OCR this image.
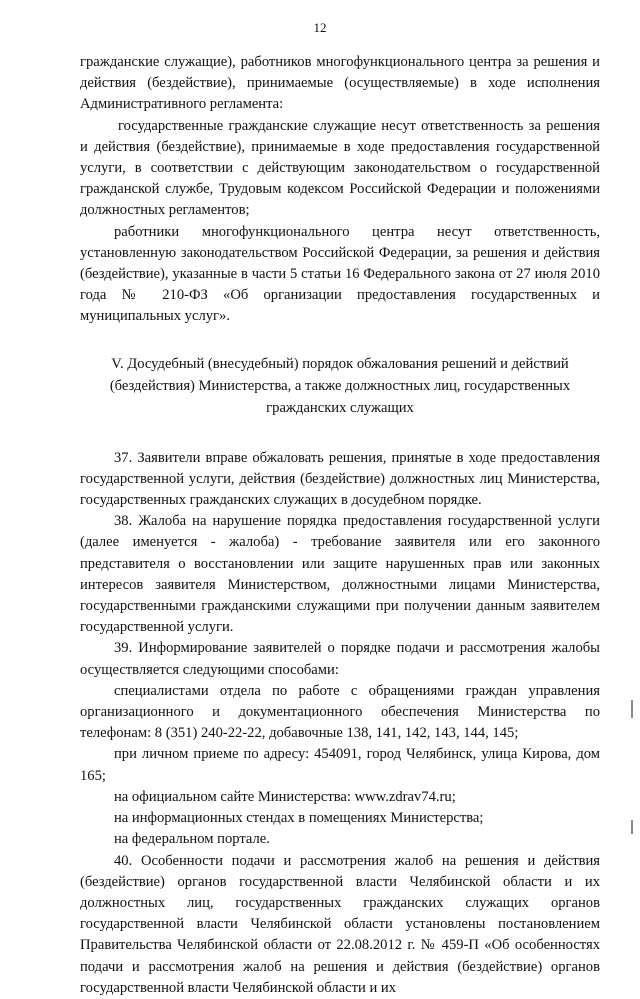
12

гражданские служащие), работников многофункционального центра за решения и действия (бездействие), принимаемые (осуществляемые) в ходе исполнения Административного регламента:

государственные гражданские служащие несут ответственность за решения и действия (бездействие), принимаемые в ходе предоставления государственной услуги, в соответствии с действующим законодательством о государственной гражданской службе, Трудовым кодексом Российской Федерации и положениями должностных регламентов;

работники многофункционального центра несут ответственность, установленную законодательством Российской Федерации, за решения и действия (бездействие), указанные в части 5 статьи 16 Федерального закона от 27 июля 2010 года № 210-ФЗ «Об организации предоставления государственных и муниципальных услуг».

V. Досудебный (внесудебный) порядок обжалования решений и действий (бездействия) Министерства, а также должностных лиц, государственных гражданских служащих

37. Заявители вправе обжаловать решения, принятые в ходе предоставления государственной услуги, действия (бездействие) должностных лиц Министерства, государственных гражданских служащих в досудебном порядке.

38. Жалоба на нарушение порядка предоставления государственной услуги (далее именуется - жалоба) - требование заявителя или его законного представителя о восстановлении или защите нарушенных прав или законных интересов заявителя Министерством, должностными лицами Министерства, государственными гражданскими служащими при получении данным заявителем государственной услуги.

39. Информирование заявителей о порядке подачи и рассмотрения жалобы осуществляется следующими способами:

специалистами отдела по работе с обращениями граждан управления организационного и документационного обеспечения Министерства по телефонам: 8 (351) 240-22-22, добавочные 138, 141, 142, 143, 144, 145;

при личном приеме по адресу: 454091, город Челябинск, улица Кирова, дом 165;

на официальном сайте Министерства: www.zdrav74.ru;

на информационных стендах в помещениях Министерства;

на федеральном портале.

40. Особенности подачи и рассмотрения жалоб на решения и действия (бездействие) органов государственной власти Челябинской области и их должностных лиц, государственных гражданских служащих органов государственной власти Челябинской области установлены постановлением Правительства Челябинской области от 22.08.2012 г. № 459-П «Об особенностях подачи и рассмотрения жалоб на решения и действия (бездействие) органов государственной власти Челябинской области и их
